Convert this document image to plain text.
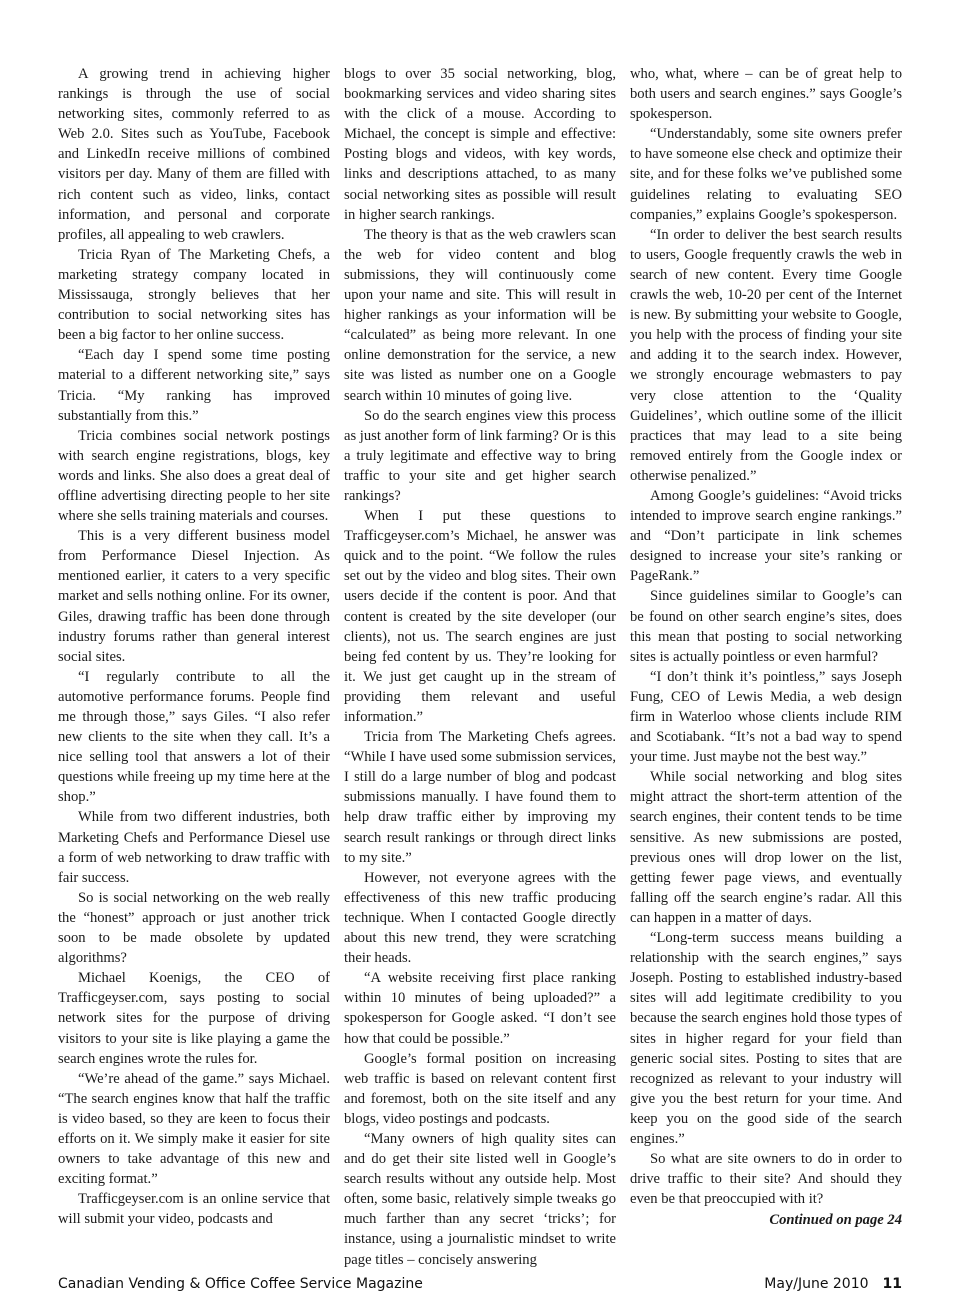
A growing trend in achieving higher rankings is through the use of social networking sites, commonly referred to as Web 2.0. Sites such as YouTube, Facebook and LinkedIn receive millions of combined visitors per day. Many of them are filled with rich content such as video, links, contact information, and personal and corporate profiles, all appealing to web crawlers.

Tricia Ryan of The Marketing Chefs, a marketing strategy company located in Mississauga, strongly believes that her contribution to social networking sites has been a big factor to her online success.

“Each day I spend some time posting material to a different networking site,” says Tricia. “My ranking has improved substantially from this.”

Tricia combines social network postings with search engine registrations, blogs, key words and links. She also does a great deal of offline advertising directing people to her site where she sells training materials and courses.

This is a very different business model from Performance Diesel Injection. As mentioned earlier, it caters to a very specific market and sells nothing online. For its owner, Giles, drawing traffic has been done through industry forums rather than general interest social sites.

“I regularly contribute to all the automotive performance forums. People find me through those,” says Giles. “I also refer new clients to the site when they call. It’s a nice selling tool that answers a lot of their questions while freeing up my time here at the shop.”

While from two different industries, both Marketing Chefs and Performance Diesel use a form of web networking to draw traffic with fair success.

So is social networking on the web really the “honest” approach or just another trick soon to be made obsolete by updated algorithms?

Michael Koenigs, the CEO of Trafficgeyser.com, says posting to social network sites for the purpose of driving visitors to your site is like playing a game the search engines wrote the rules for.

“We’re ahead of the game.” says Michael. “The search engines know that half the traffic is video based, so they are keen to focus their efforts on it. We simply make it easier for site owners to take advantage of this new and exciting format.”

Trafficgeyser.com is an online service that will submit your video, podcasts and

blogs to over 35 social networking, blog, bookmarking services and video sharing sites with the click of a mouse. According to Michael, the concept is simple and effective: Posting blogs and videos, with key words, links and descriptions attached, to as many social networking sites as possible will result in higher search rankings.

The theory is that as the web crawlers scan the web for video content and blog submissions, they will continuously come upon your name and site. This will result in higher rankings as your information will be “calculated” as being more relevant. In one online demonstration for the service, a new site was listed as number one on a Google search within 10 minutes of going live.

So do the search engines view this process as just another form of link farming? Or is this a truly legitimate and effective way to bring traffic to your site and get higher search rankings?

When I put these questions to Trafficgeyser.com’s Michael, he answer was quick and to the point. “We follow the rules set out by the video and blog sites. Their own users decide if the content is poor. And that content is created by the site developer (our clients), not us. The search engines are just being fed content by us. They’re looking for it. We just get caught up in the stream of providing them relevant and useful information.”

Tricia from The Marketing Chefs agrees. “While I have used some submission services, I still do a large number of blog and podcast submissions manually. I have found them to help draw traffic either by improving my search result rankings or through direct links to my site.”

However, not everyone agrees with the effectiveness of this new traffic producing technique. When I contacted Google directly about this new trend, they were scratching their heads.

“A website receiving first place ranking within 10 minutes of being uploaded?” a spokesperson for Google asked. “I don’t see how that could be possible.”

Google’s formal position on increasing web traffic is based on relevant content first and foremost, both on the site itself and any blogs, video postings and podcasts.

“Many owners of high quality sites can and do get their site listed well in Google’s search results without any outside help. Most often, some basic, relatively simple tweaks go much farther than any secret ‘tricks’; for instance, using a journalistic mindset to write page titles – concisely answering

who, what, where – can be of great help to both users and search engines.” says Google’s spokesperson.

“Understandably, some site owners prefer to have someone else check and optimize their site, and for these folks we’ve published some guidelines relating to evaluating SEO companies,” explains Google’s spokesperson.

“In order to deliver the best search results to users, Google frequently crawls the web in search of new content. Every time Google crawls the web, 10-20 per cent of the Internet is new. By submitting your website to Google, you help with the process of finding your site and adding it to the search index. However, we strongly encourage webmasters to pay very close attention to the ‘Quality Guidelines’, which outline some of the illicit practices that may lead to a site being removed entirely from the Google index or otherwise penalized.”

Among Google’s guidelines: “Avoid tricks intended to improve search engine rankings.” and “Don’t participate in link schemes designed to increase your site’s ranking or PageRank.”

Since guidelines similar to Google’s can be found on other search engine’s sites, does this mean that posting to social networking sites is actually pointless or even harmful?

“I don’t think it’s pointless,” says Joseph Fung, CEO of Lewis Media, a web design firm in Waterloo whose clients include RIM and Scotiabank. “It’s not a bad way to spend your time. Just maybe not the best way.”

While social networking and blog sites might attract the short-term attention of the search engines, their content tends to be time sensitive. As new submissions are posted, previous ones will drop lower on the list, getting fewer page views, and eventually falling off the search engine’s radar. All this can happen in a matter of days.

“Long-term success means building a relationship with the search engines,” says Joseph. Posting to established industry-based sites will add legitimate credibility to you because the search engines hold those types of sites in higher regard for your field than generic social sites. Posting to sites that are recognized as relevant to your industry will give you the best return for your time. And keep you on the good side of the search engines.”

So what are site owners to do in order to drive traffic to their site? And should they even be that preoccupied with it?

Continued on page 24

Canadian Vending & Office Coffee Service Magazine	May/June 2010 11
